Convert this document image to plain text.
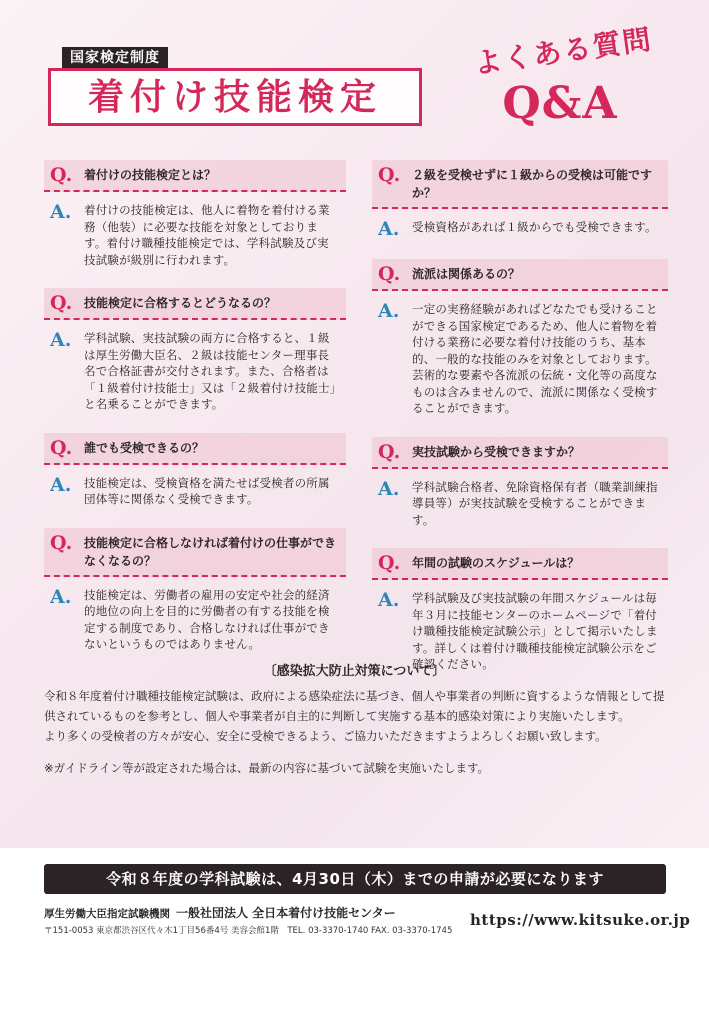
国家検定制度
着付け技能検定
よくある質問
Q&A
Q. 着付けの技能検定とは？
A.	着付けの技能検定は、他人に着物を着付ける業務（他装）に必要な技能を対象としております。着付け職種技能検定では、学科試験及び実技試験が級別に行われます。
Q. 技能検定に合格するとどうなるの？
A.	学科試験、実技試験の両方に合格すると、１級は厚生労働大臣名、２級は技能センター理事長名で合格証書が交付されます。また、合格者は「１級着付け技能士」又は「２級着付け技能士」と名乗ることができます。
Q. 誰でも受検できるの？
A.	技能検定は、受検資格を満たせば受検者の所属団体等に関係なく受検できます。
Q. 技能検定に合格しなければ着付けの仕事ができなくなるの？
A.	技能検定は、労働者の雇用の安定や社会的経済的地位の向上を目的に労働者の有する技能を検定する制度であり、合格しなければ仕事ができないというものではありません。
Q. ２級を受検せずに１級からの受検は可能ですか？
A.	受検資格があれば１級からでも受検できます。
Q. 流派は関係あるの？
A.	一定の実務経験があればどなたでも受けることができる国家検定であるため、他人に着物を着付ける業務に必要な着付け技能のうち、基本的、一般的な技能のみを対象としております。芸術的な要素や各流派の伝統・文化等の高度なものは含みませんので、流派に関係なく受検することができます。
Q. 実技試験から受検できますか？
A.	学科試験合格者、免除資格保有者（職業訓練指導員等）が実技試験を受検することができます。
Q. 年間の試験のスケジュールは？
A.	学科試験及び実技試験の年間スケジュールは毎年３月に技能センターのホームページで「着付け職種技能検定試験公示」として掲示いたします。詳しくは着付け職種技能検定試験公示をご確認ください。
〔感染拡大防止対策について〕

令和８年度着付け職種技能検定試験は、政府による感染症法に基づき、個人や事業者の判断に資するような情報として提供されているものを参考とし、個人や事業者が自主的に判断して実施する基本的感染対策により実施いたします。

より多くの受検者の方々が安心、安全に受検できるよう、ご協力いただきますようよろしくお願い致します。

※ガイドライン等が設定された場合は、最新の内容に基づいて試験を実施いたします。

令和８年度の学科試験は、4月30日（木）までの申請が必要になります
厚生労働大臣指定試験機関 一般社団法人 全日本着付け技能センター
〒151-0053 東京都渋谷区代々木1丁目56番4号 美容会館1階　TEL. 03-3370-1740 FAX. 03-3370-1745
https://www.kitsuke.or.jp
